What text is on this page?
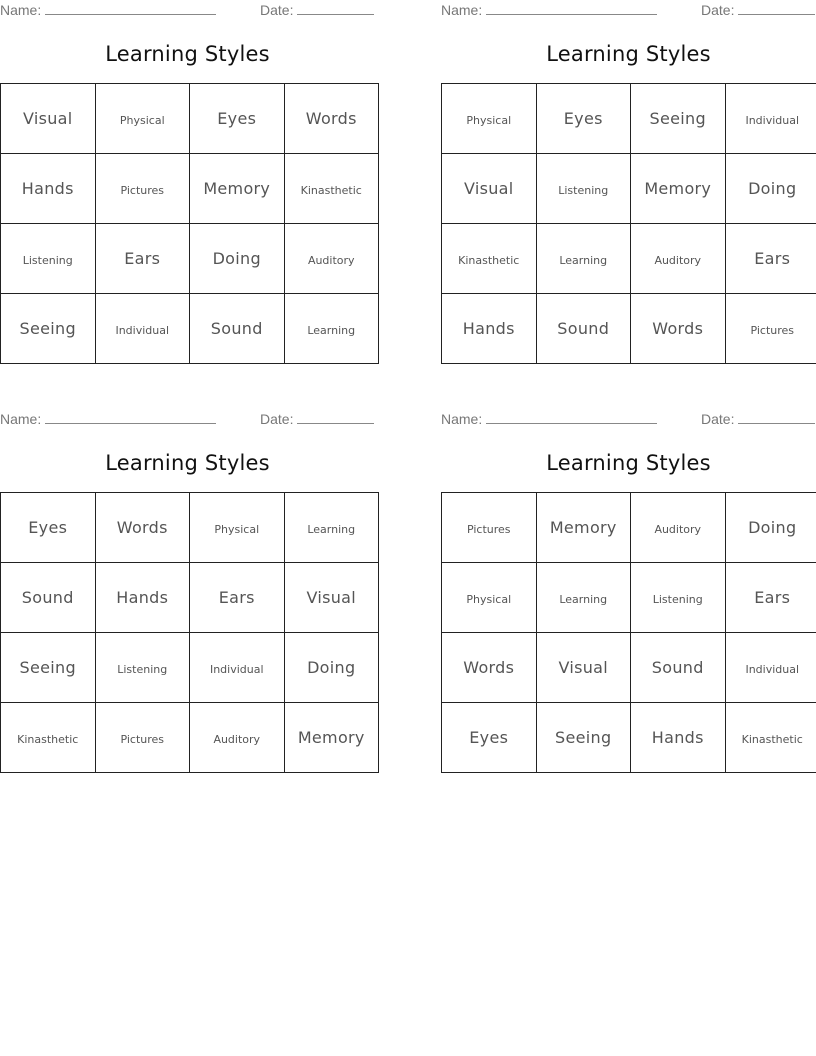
Name:	Date:
Learning Styles
Visual	Physical	Eyes	Words
Hands	Pictures	Memory	Kinasthetic
Listening	Ears	Doing	Auditory
Seeing	Individual	Sound	Learning
Name:	Date:
Learning Styles
Physical	Eyes	Seeing	Individual
Visual	Listening	Memory	Doing
Kinasthetic	Learning	Auditory	Ears
Hands	Sound	Words	Pictures
Name:	Date:
Learning Styles
Eyes	Words	Physical	Learning
Sound	Hands	Ears	Visual
Seeing	Listening	Individual	Doing
Kinasthetic	Pictures	Auditory	Memory
Name:	Date:
Learning Styles
Pictures	Memory	Auditory	Doing
Physical	Learning	Listening	Ears
Words	Visual	Sound	Individual
Eyes	Seeing	Hands	Kinasthetic
